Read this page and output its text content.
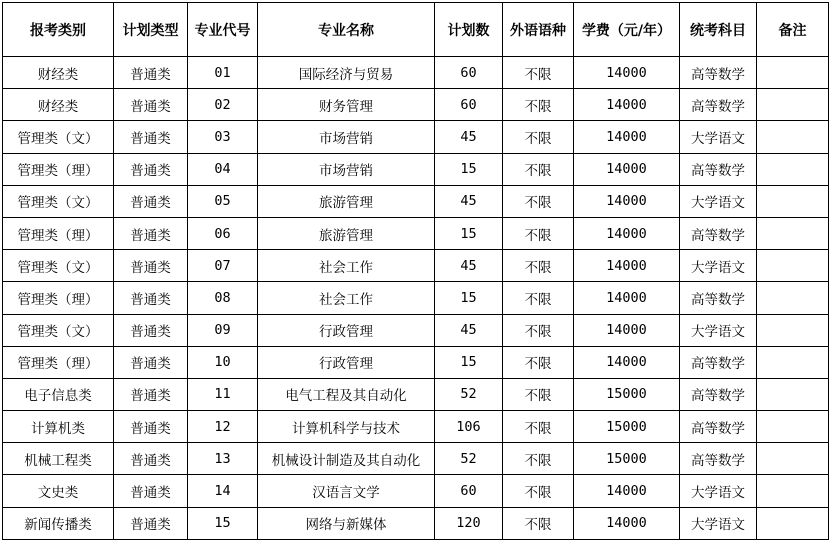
报考类别	计划类型	专业代号	专业名称	计划数	外语语种	学费（元/年）	统考科目	备注
财经类	普通类	01	国际经济与贸易	60	不限	14000	高等数学	
财经类	普通类	02	财务管理	60	不限	14000	高等数学	
管理类（文）	普通类	03	市场营销	45	不限	14000	大学语文	
管理类（理）	普通类	04	市场营销	15	不限	14000	高等数学	
管理类（文）	普通类	05	旅游管理	45	不限	14000	大学语文	
管理类（理）	普通类	06	旅游管理	15	不限	14000	高等数学	
管理类（文）	普通类	07	社会工作	45	不限	14000	大学语文	
管理类（理）	普通类	08	社会工作	15	不限	14000	高等数学	
管理类（文）	普通类	09	行政管理	45	不限	14000	大学语文	
管理类（理）	普通类	10	行政管理	15	不限	14000	高等数学	
电子信息类	普通类	11	电气工程及其自动化	52	不限	15000	高等数学	
计算机类	普通类	12	计算机科学与技术	106	不限	15000	高等数学	
机械工程类	普通类	13	机械设计制造及其自动化	52	不限	15000	高等数学	
文史类	普通类	14	汉语言文学	60	不限	14000	大学语文	
新闻传播类	普通类	15	网络与新媒体	120	不限	14000	大学语文	
